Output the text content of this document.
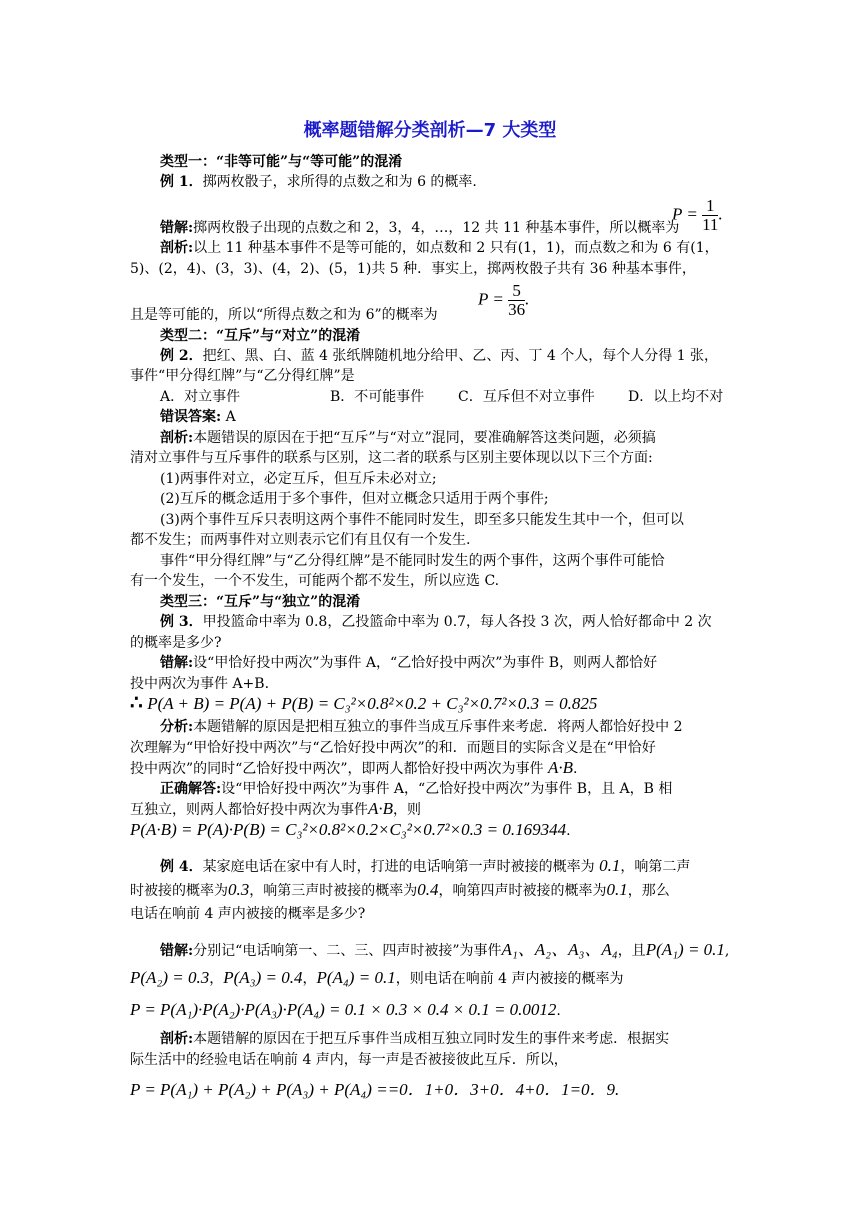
概率题错解分类剖析—7 大类型
类型一：“非等可能”与“等可能”的混淆
例 1．掷两枚骰子，求所得的点数之和为 6 的概率.
错解:掷两枚骰子出现的点数之和 2，3，4，…，12 共 11 种基本事件，所以概率为
$P = \frac{1}{11}$ .
剖析:以上 11 种基本事件不是等可能的，如点数和 2 只有(1，1)，而点数之和为 6 有(1，
5)、(2，4)、(3，3)、(4，2)、(5，1)共 5 种．事实上，掷两枚骰子共有 36 种基本事件，
且是等可能的，所以“所得点数之和为 6”的概率为
$P = \frac{5}{36}$ .
类型二：“互斥”与“对立”的混淆
例 2．把红、黑、白、蓝 4 张纸牌随机地分给甲、乙、丙、丁 4 个人，每个人分得 1 张，
事件“甲分得红牌”与“乙分得红牌”是
A．对立事件	B．不可能事件 C．互斥但不对立事件 D．以上均不对
错误答案: A
剖析:本题错误的原因在于把“互斥”与“对立”混同，要准确解答这类问题，必须搞
清对立事件与互斥事件的联系与区别，这二者的联系与区别主要体现以以下三个方面:
(1)两事件对立，必定互斥，但互斥未必对立;
(2)互斥的概念适用于多个事件，但对立概念只适用于两个事件;
(3)两个事件互斥只表明这两个事件不能同时发生，即至多只能发生其中一个，但可以
都不发生；而两事件对立则表示它们有且仅有一个发生.
事件“甲分得红牌”与“乙分得红牌”是不能同时发生的两个事件，这两个事件可能恰
有一个发生，一个不发生，可能两个都不发生，所以应选 C.
类型三：“互斥”与“独立”的混淆
例 3．甲投篮命中率为 0.8，乙投篮命中率为 0.7，每人各投 3 次，两人恰好都命中 2 次
的概率是多少?
错解:设“甲恰好投中两次”为事件 A，“乙恰好投中两次”为事件 B，则两人都恰好
投中两次为事件 A+B.
∴ P(A + B) = P(A) + P(B) = C₃²×0.8²×0.2 + C₃²×0.7²×0.3 = 0.825
分析:本题错解的原因是把相互独立的事件当成互斥事件来考虑．将两人都恰好投中 2
次理解为“甲恰好投中两次”与“乙恰好投中两次”的和．而题目的实际含义是在“甲恰好
投中两次”的同时“乙恰好投中两次”，即两人都恰好投中两次为事件 A·B.
正确解答:设“甲恰好投中两次”为事件 A，“乙恰好投中两次”为事件 B，且 A，B 相
互独立，则两人都恰好投中两次为事件A·B，则
P(A·B) = P(A)·P(B) = C₃²×0.8²×0.2×C₃²×0.7²×0.3 = 0.169344.
例 4．某家庭电话在家中有人时，打进的电话响第一声时被接的概率为 0.1，响第二声
时被接的概率为0.3，响第三声时被接的概率为0.4，响第四声时被接的概率为0.1，那么
电话在响前 4 声内被接的概率是多少?
错解:分别记“电话响第一、二、三、四声时被接”为事件A₁、A₂、A₃、A₄，且P(A₁) = 0.1,
P(A₂) = 0.3，P(A₃) = 0.4，P(A₄) = 0.1，则电话在响前 4 声内被接的概率为
P = P(A₁)·P(A₂)·P(A₃)·P(A₄) = 0.1 × 0.3 × 0.4 × 0.1 = 0.0012.
剖析:本题错解的原因在于把互斥事件当成相互独立同时发生的事件来考虑．根据实
际生活中的经验电话在响前 4 声内，每一声是否被接彼此互斥．所以，
P = P(A₁) + P(A₂) + P(A₃) + P(A₄) ==0．1+0．3+0．4+0．1=0．9.
